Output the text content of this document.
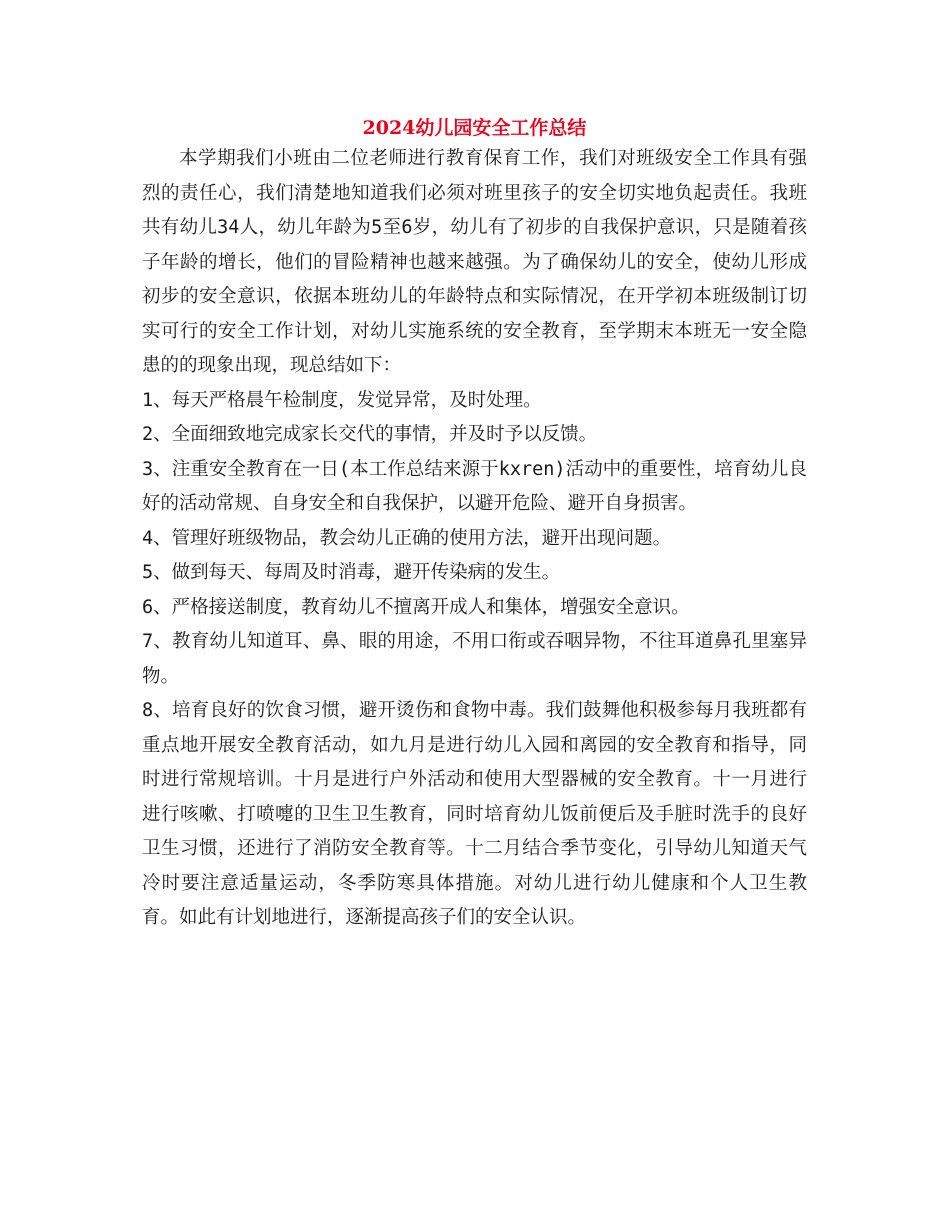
2024幼儿园安全工作总结

本学期我们小班由二位老师进行教育保育工作，我们对班级安全工作具有强烈的责任心，我们清楚地知道我们必须对班里孩子的安全切实地负起责任。我班共有幼儿34人，幼儿年龄为5至6岁，幼儿有了初步的自我保护意识，只是随着孩子年龄的增长，他们的冒险精神也越来越强。为了确保幼儿的安全，使幼儿形成初步的安全意识，依据本班幼儿的年龄特点和实际情况，在开学初本班级制订切实可行的安全工作计划，对幼儿实施系统的安全教育，至学期末本班无一安全隐患的的现象出现，现总结如下：

1、每天严格晨午检制度，发觉异常，及时处理。

2、全面细致地完成家长交代的事情，并及时予以反馈。

3、注重安全教育在一日(本工作总结来源于kxren)活动中的重要性，培育幼儿良好的活动常规、自身安全和自我保护，以避开危险、避开自身损害。

4、管理好班级物品，教会幼儿正确的使用方法，避开出现问题。

5、做到每天、每周及时消毒，避开传染病的发生。

6、严格接送制度，教育幼儿不擅离开成人和集体，增强安全意识。

7、教育幼儿知道耳、鼻、眼的用途，不用口衔或吞咽异物，不往耳道鼻孔里塞异物。

8、培育良好的饮食习惯，避开烫伤和食物中毒。我们鼓舞他积极参每月我班都有重点地开展安全教育活动，如九月是进行幼儿入园和离园的安全教育和指导，同时进行常规培训。十月是进行户外活动和使用大型器械的安全教育。十一月进行进行咳嗽、打喷嚏的卫生卫生教育，同时培育幼儿饭前便后及手脏时洗手的良好卫生习惯，还进行了消防安全教育等。十二月结合季节变化，引导幼儿知道天气冷时要注意适量运动，冬季防寒具体措施。对幼儿进行幼儿健康和个人卫生教育。如此有计划地进行，逐渐提高孩子们的安全认识。
